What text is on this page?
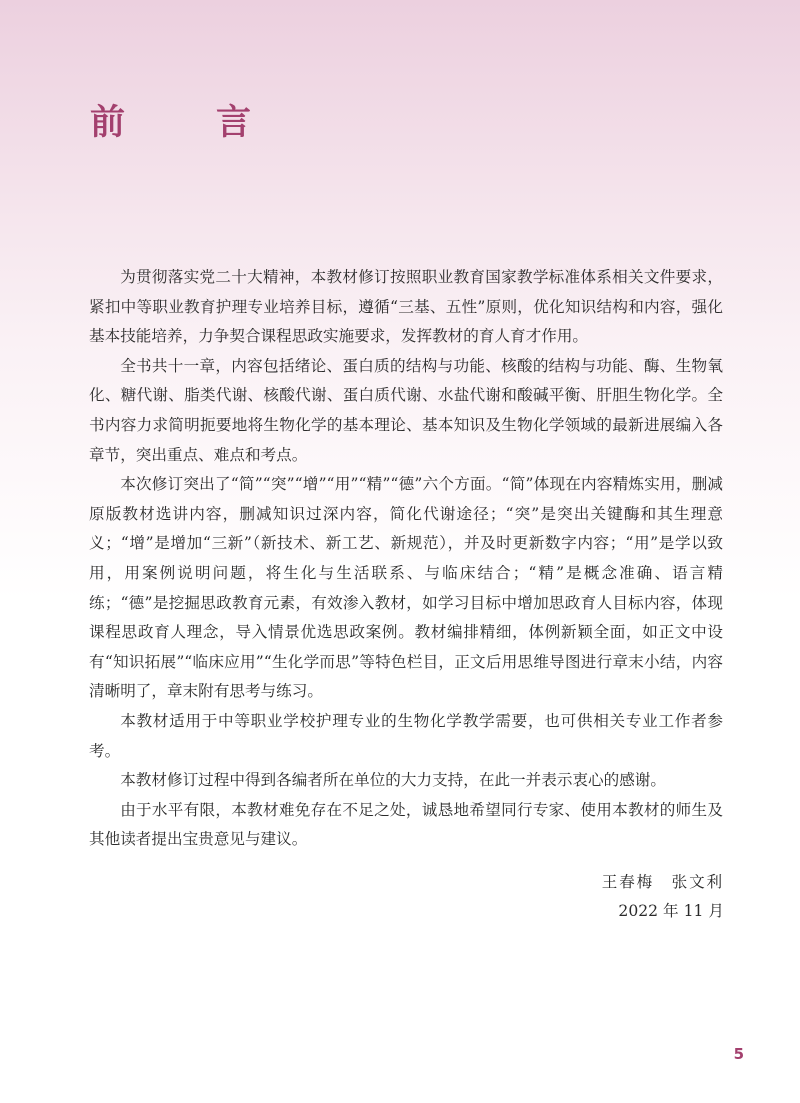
前　言

为贯彻落实党二十大精神，本教材修订按照职业教育国家教学标准体系相关文件要求，紧扣中等职业教育护理专业培养目标，遵循“三基、五性”原则，优化知识结构和内容，强化基本技能培养，力争契合课程思政实施要求，发挥教材的育人育才作用。

全书共十一章，内容包括绪论、蛋白质的结构与功能、核酸的结构与功能、酶、生物氧化、糖代谢、脂类代谢、核酸代谢、蛋白质代谢、水盐代谢和酸碱平衡、肝胆生物化学。全书内容力求简明扼要地将生物化学的基本理论、基本知识及生物化学领域的最新进展编入各章节，突出重点、难点和考点。

本次修订突出了“简”“突”“增”“用”“精”“德”六个方面。“简”体现在内容精炼实用，删减原版教材选讲内容，删减知识过深内容，简化代谢途径；“突”是突出关键酶和其生理意义；“增”是增加“三新”（新技术、新工艺、新规范），并及时更新数字内容；“用”是学以致用，用案例说明问题，将生化与生活联系、与临床结合；“精”是概念准确、语言精练；“德”是挖掘思政教育元素，有效渗入教材，如学习目标中增加思政育人目标内容，体现课程思政育人理念，导入情景优选思政案例。教材编排精细，体例新颖全面，如正文中设有“知识拓展”“临床应用”“生化学而思”等特色栏目，正文后用思维导图进行章末小结，内容清晰明了，章末附有思考与练习。

本教材适用于中等职业学校护理专业的生物化学教学需要，也可供相关专业工作者参考。

本教材修订过程中得到各编者所在单位的大力支持，在此一并表示衷心的感谢。

由于水平有限，本教材难免存在不足之处，诚恳地希望同行专家、使用本教材的师生及其他读者提出宝贵意见与建议。

王春梅　张文利
2022 年 11 月
5
